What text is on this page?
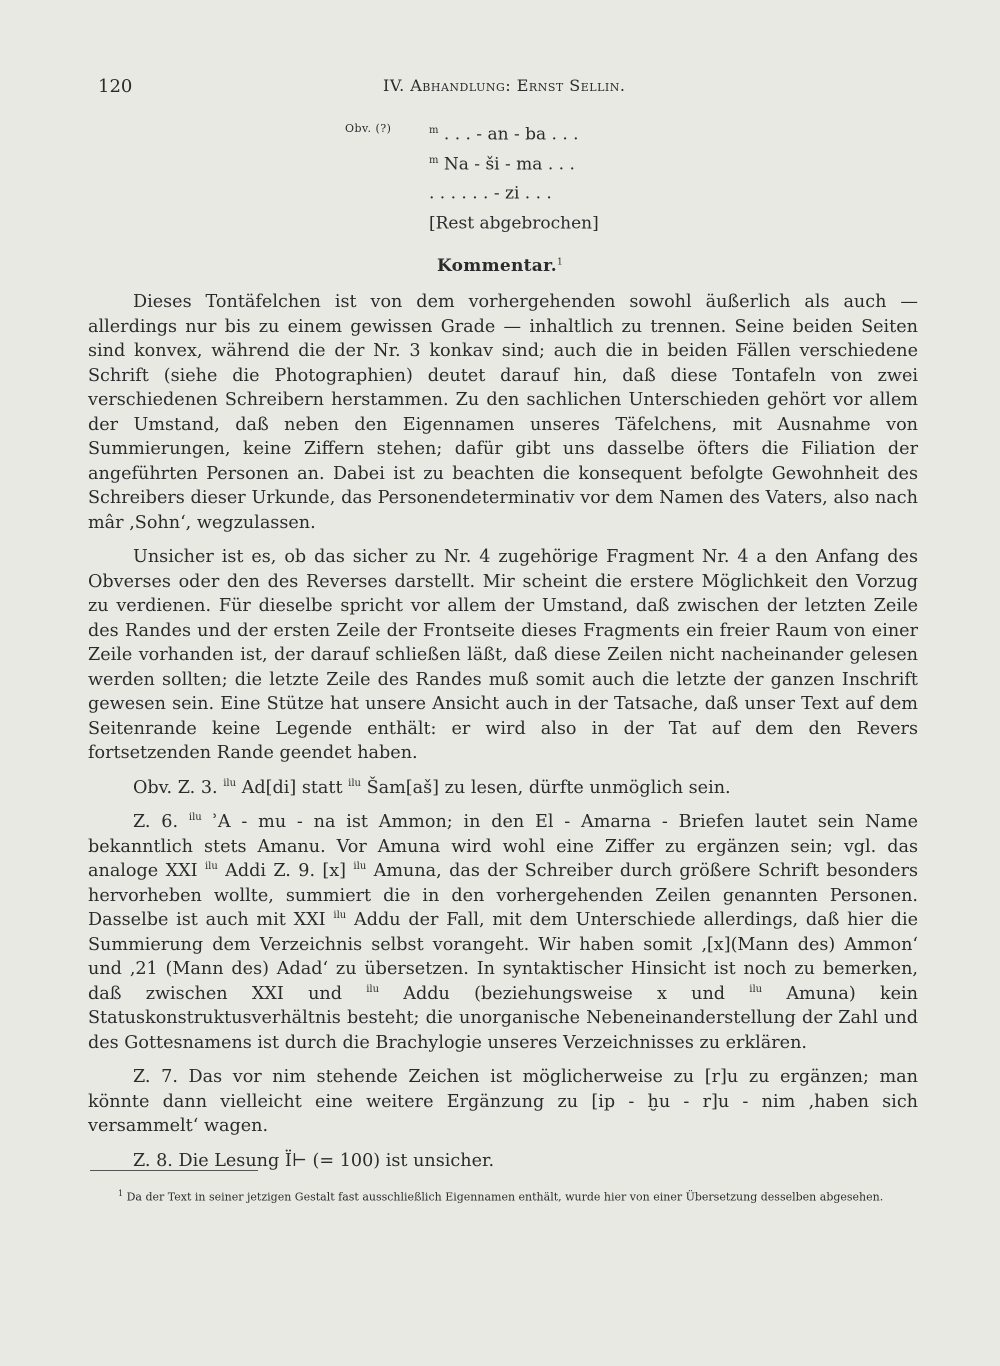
120	IV. Abhandlung: Ernst Sellin.
Obv. (?)	$^m$ . . . - an - ba . . .
$^m$ Na - ši - ma . . .
. . . . . . - zi . . .
[Rest abgebrochen]
Kommentar.$^1$

Dieses Tontäfelchen ist von dem vorhergehenden sowohl äußerlich als auch — allerdings nur bis zu einem gewissen Grade — inhaltlich zu trennen. Seine beiden Seiten sind konvex, während die der Nr. 3 konkav sind; auch die in beiden Fällen verschiedene Schrift (siehe die Photographien) deutet darauf hin, daß diese Tontafeln von zwei verschiedenen Schreibern herstammen. Zu den sachlichen Unterschieden gehört vor allem der Umstand, daß neben den Eigennamen unseres Täfelchens, mit Ausnahme von Summierungen, keine Ziffern stehen; dafür gibt uns dasselbe öfters die Filiation der angeführten Personen an. Dabei ist zu beachten die konsequent befolgte Gewohnheit des Schreibers dieser Urkunde, das Personendeterminativ vor dem Namen des Vaters, also nach mâr ‚Sohn‘, wegzulassen.

Unsicher ist es, ob das sicher zu Nr. 4 zugehörige Fragment Nr. 4 a den Anfang des Obverses oder den des Reverses darstellt. Mir scheint die erstere Möglichkeit den Vorzug zu verdienen. Für dieselbe spricht vor allem der Umstand, daß zwischen der letzten Zeile des Randes und der ersten Zeile der Frontseite dieses Fragments ein freier Raum von einer Zeile vorhanden ist, der darauf schließen läßt, daß diese Zeilen nicht nacheinander gelesen werden sollten; die letzte Zeile des Randes muß somit auch die letzte der ganzen Inschrift gewesen sein. Eine Stütze hat unsere Ansicht auch in der Tatsache, daß unser Text auf dem Seitenrande keine Legende enthält: er wird also in der Tat auf dem den Revers fortsetzenden Rande geendet haben.

Obv. Z. 3. $^{ilu}$ Ad[di] statt $^{ilu}$ Šam[aš] zu lesen, dürfte unmöglich sein.

Z. 6. $^{ilu}$ ʾA - mu - na ist Ammon; in den El - Amarna - Briefen lautet sein Name bekanntlich stets Amanu. Vor Amuna wird wohl eine Ziffer zu ergänzen sein; vgl. das analoge XXI $^{ilu}$ Addi Z. 9. [x] $^{ilu}$ Amuna, das der Schreiber durch größere Schrift besonders hervorheben wollte, summiert die in den vorhergehenden Zeilen genannten Personen. Dasselbe ist auch mit XXI $^{ilu}$ Addu der Fall, mit dem Unterschiede allerdings, daß hier die Summierung dem Verzeichnis selbst vorangeht. Wir haben somit ‚[x](Mann des) Ammon‘ und ‚21 (Mann des) Adad‘ zu übersetzen. In syntaktischer Hinsicht ist noch zu bemerken, daß zwischen XXI und $^{ilu}$ Addu (beziehungsweise x und $^{ilu}$ Amuna) kein Statuskonstruktusverhältnis besteht; die unorganische Nebeneinanderstellung der Zahl und des Gottesnamens ist durch die Brachylogie unseres Verzeichnisses zu erklären.

Z. 7. Das vor nim stehende Zeichen ist möglicherweise zu [r]u zu ergänzen; man könnte dann vielleicht eine weitere Ergänzung zu [ip - ḫu - r]u - nim ‚haben sich versammelt‘ wagen.

Z. 8. Die Lesung Ï⊢ (= 100) ist unsicher.

$^1$ Da der Text in seiner jetzigen Gestalt fast ausschließlich Eigennamen enthält, wurde hier von einer Übersetzung desselben abgesehen.
